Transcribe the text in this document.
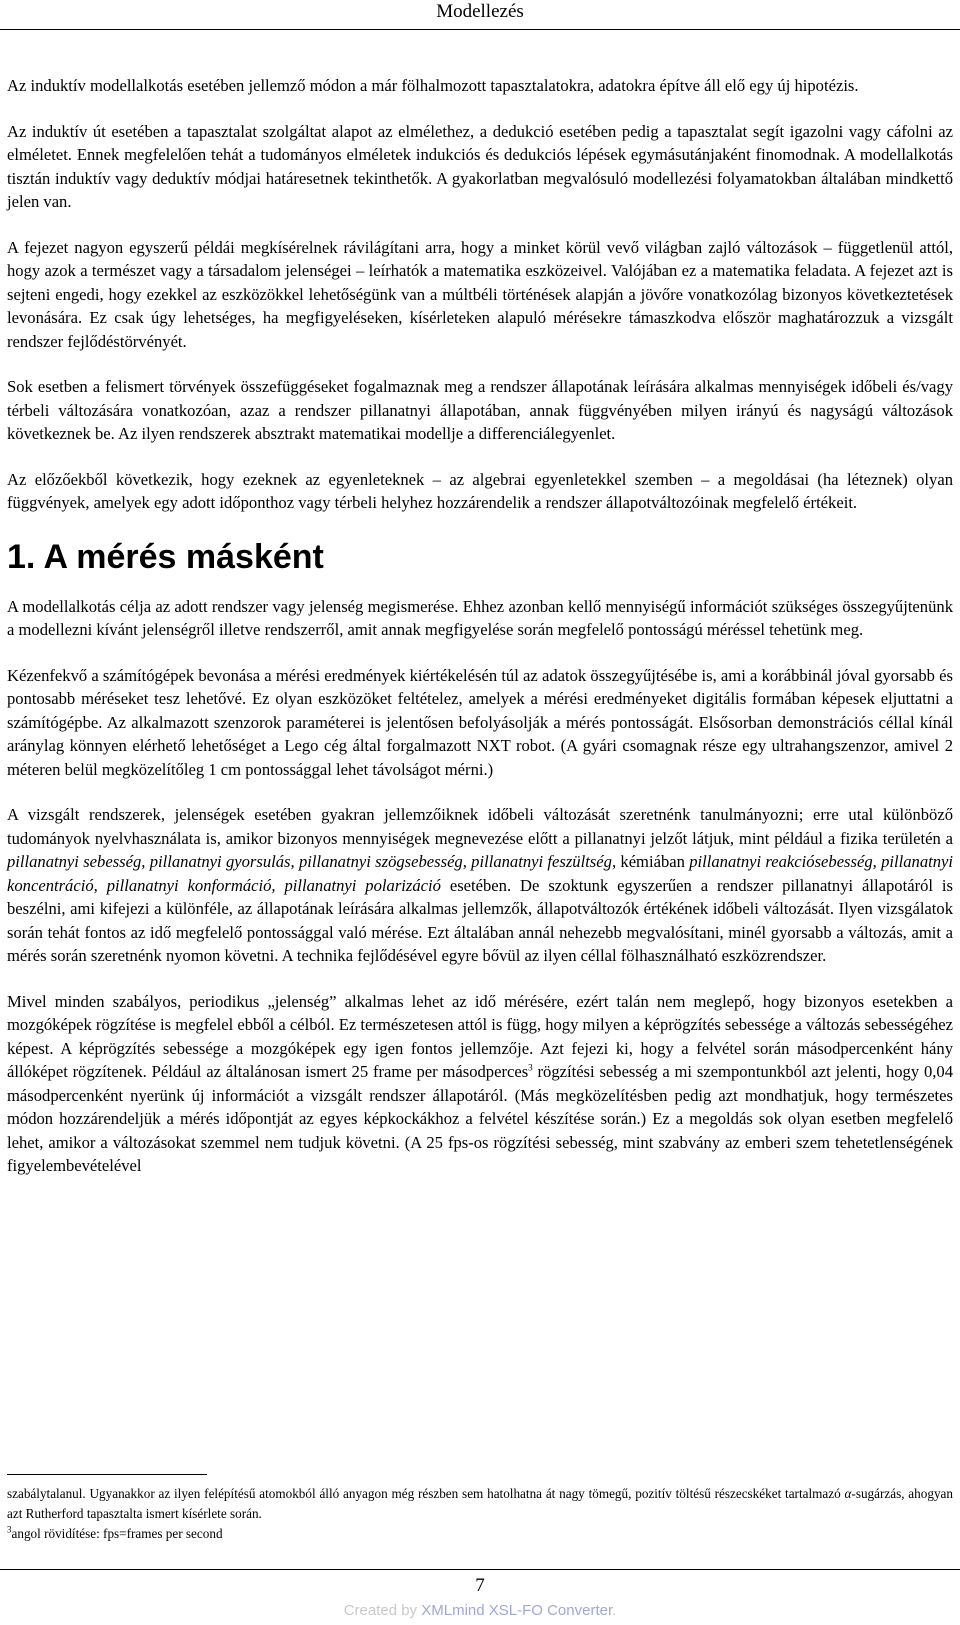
Modellezés

Az induktív modellalkotás esetében jellemző módon a már fölhalmozott tapasztalatokra, adatokra építve áll elő egy új hipotézis.

Az induktív út esetében a tapasztalat szolgáltat alapot az elmélethez, a dedukció esetében pedig a tapasztalat segít igazolni vagy cáfolni az elméletet. Ennek megfelelően tehát a tudományos elméletek indukciós és dedukciós lépések egymásutánjaként finomodnak. A modellalkotás tisztán induktív vagy deduktív módjai határesetnek tekinthetők. A gyakorlatban megvalósuló modellezési folyamatokban általában mindkettő jelen van.

A fejezet nagyon egyszerű példái megkísérelnek rávilágítani arra, hogy a minket körül vevő világban zajló változások – függetlenül attól, hogy azok a természet vagy a társadalom jelenségei – leírhatók a matematika eszközeivel. Valójában ez a matematika feladata. A fejezet azt is sejteni engedi, hogy ezekkel az eszközökkel lehetőségünk van a múltbéli történések alapján a jövőre vonatkozólag bizonyos következtetések levonására. Ez csak úgy lehetséges, ha megfigyeléseken, kísérleteken alapuló mérésekre támaszkodva először maghatározzuk a vizsgált rendszer fejlődéstörvényét.

Sok esetben a felismert törvények összefüggéseket fogalmaznak meg a rendszer állapotának leírására alkalmas mennyiségek időbeli és/vagy térbeli változására vonatkozóan, azaz a rendszer pillanatnyi állapotában, annak függvényében milyen irányú és nagyságú változások következnek be. Az ilyen rendszerek absztrakt matematikai modellje a differenciálegyenlet.

Az előzőekből következik, hogy ezeknek az egyenleteknek – az algebrai egyenletekkel szemben – a megoldásai (ha léteznek) olyan függvények, amelyek egy adott időponthoz vagy térbeli helyhez hozzárendelik a rendszer állapotváltozóinak megfelelő értékeit.

1. A mérés másként

A modellalkotás célja az adott rendszer vagy jelenség megismerése. Ehhez azonban kellő mennyiségű információt szükséges összegyűjtenünk a modellezni kívánt jelenségről illetve rendszerről, amit annak megfigyelése során megfelelő pontosságú méréssel tehetünk meg.

Kézenfekvő a számítógépek bevonása a mérési eredmények kiértékelésén túl az adatok összegyűjtésébe is, ami a korábbinál jóval gyorsabb és pontosabb méréseket tesz lehetővé. Ez olyan eszközöket feltételez, amelyek a mérési eredményeket digitális formában képesek eljuttatni a számítógépbe. Az alkalmazott szenzorok paraméterei is jelentősen befolyásolják a mérés pontosságát. Elsősorban demonstrációs céllal kínál aránylag könnyen elérhető lehetőséget a Lego cég által forgalmazott NXT robot. (A gyári csomagnak része egy ultrahangszenzor, amivel 2 méteren belül megközelítőleg 1 cm pontossággal lehet távolságot mérni.)

A vizsgált rendszerek, jelenségek esetében gyakran jellemzőiknek időbeli változását szeretnénk tanulmányozni; erre utal különböző tudományok nyelvhasználata is, amikor bizonyos mennyiségek megnevezése előtt a pillanatnyi jelzőt látjuk, mint például a fizika területén a pillanatnyi sebesség, pillanatnyi gyorsulás, pillanatnyi szögsebesség, pillanatnyi feszültség, kémiában pillanatnyi reakciósebesség, pillanatnyi koncentráció, pillanatnyi konformáció, pillanatnyi polarizáció esetében. De szoktunk egyszerűen a rendszer pillanatnyi állapotáról is beszélni, ami kifejezi a különféle, az állapotának leírására alkalmas jellemzők, állapotváltozók értékének időbeli változását. Ilyen vizsgálatok során tehát fontos az idő megfelelő pontossággal való mérése. Ezt általában annál nehezebb megvalósítani, minél gyorsabb a változás, amit a mérés során szeretnénk nyomon követni. A technika fejlődésével egyre bővül az ilyen céllal fölhasználható eszközrendszer.

Mivel minden szabályos, periodikus „jelenség” alkalmas lehet az idő mérésére, ezért talán nem meglepő, hogy bizonyos esetekben a mozgóképek rögzítése is megfelel ebből a célból. Ez természetesen attól is függ, hogy milyen a képrögzítés sebessége a változás sebességéhez képest. A képrögzítés sebessége a mozgóképek egy igen fontos jellemzője. Azt fejezi ki, hogy a felvétel során másodpercenként hány állóképet rögzítenek. Például az általánosan ismert 25 frame per másodperces$^3$ rögzítési sebesség a mi szempontunkból azt jelenti, hogy 0,04 másodpercenként nyerünk új információt a vizsgált rendszer állapotáról. (Más megközelítésben pedig azt mondhatjuk, hogy természetes módon hozzárendeljük a mérés időpontját az egyes képkockákhoz a felvétel készítése során.) Ez a megoldás sok olyan esetben megfelelő lehet, amikor a változásokat szemmel nem tudjuk követni. (A 25 fps-os rögzítési sebesség, mint szabvány az emberi szem tehetetlenségének figyelembevételével

szabálytalanul. Ugyanakkor az ilyen felépítésű atomokból álló anyagon még részben sem hatolhatna át nagy tömegű, pozitív töltésű részecskéket tartalmazó α-sugárzás, ahogyan azt Rutherford tapasztalta ismert kísérlete során.
$^3$angol rövidítése: fps=frames per second
7
Created by XMLmind XSL-FO Converter.
